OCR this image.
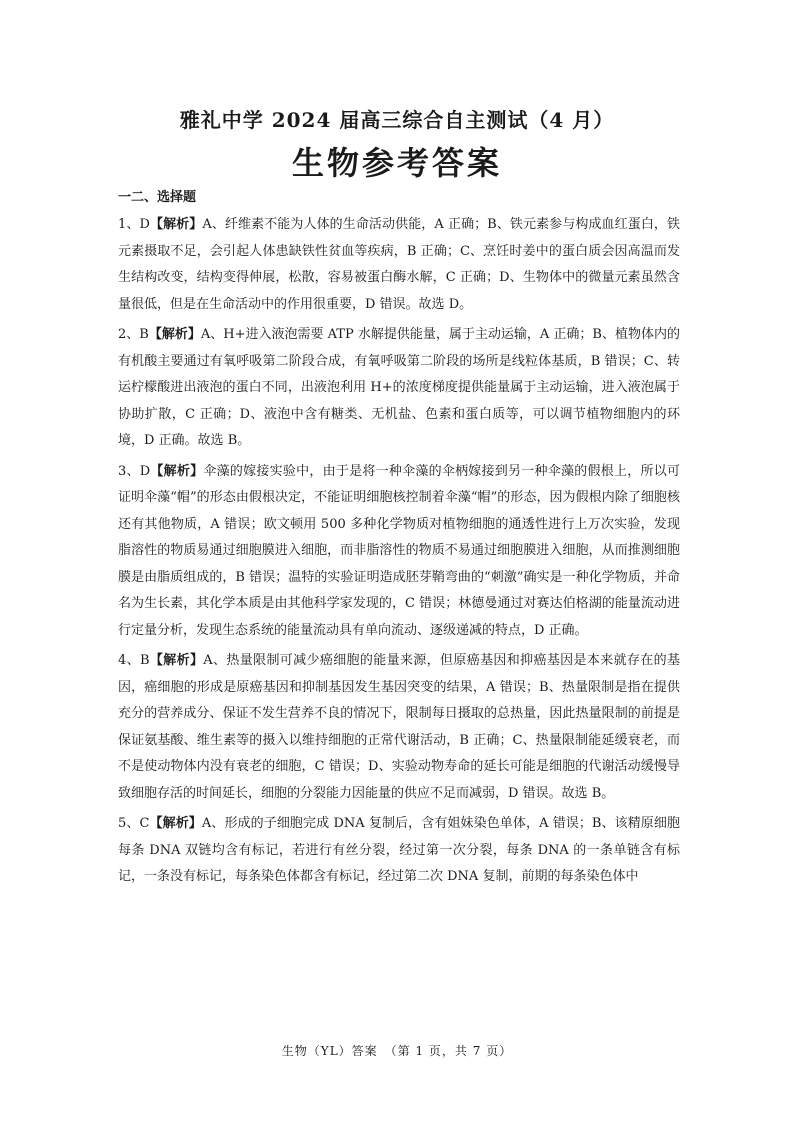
雅礼中学 2024 届高三综合自主测试（4 月）
生物参考答案
一二、选择题

1、D【解析】A、纤维素不能为人体的生命活动供能，A 正确；B、铁元素参与构成血红蛋白，铁元素摄取不足，会引起人体患缺铁性贫血等疾病，B 正确；C、烹饪时姜中的蛋白质会因高温而发生结构改变，结构变得伸展，松散，容易被蛋白酶水解，C 正确；D、生物体中的微量元素虽然含量很低，但是在生命活动中的作用很重要，D 错误。故选 D。

2、B【解析】A、H+进入液泡需要 ATP 水解提供能量，属于主动运输，A 正确；B、植物体内的有机酸主要通过有氧呼吸第二阶段合成，有氧呼吸第二阶段的场所是线粒体基质，B 错误；C、转运柠檬酸进出液泡的蛋白不同，出液泡利用 H+的浓度梯度提供能量属于主动运输，进入液泡属于协助扩散，C 正确；D、液泡中含有糖类、无机盐、色素和蛋白质等，可以调节植物细胞内的环境，D 正确。故选 B。

3、D【解析】伞藻的嫁接实验中，由于是将一种伞藻的伞柄嫁接到另一种伞藻的假根上，所以可证明伞藻“帽”的形态由假根决定，不能证明细胞核控制着伞藻“帽”的形态，因为假根内除了细胞核还有其他物质，A 错误；欧文顿用 500 多种化学物质对植物细胞的通透性进行上万次实验，发现脂溶性的物质易通过细胞膜进入细胞，而非脂溶性的物质不易通过细胞膜进入细胞，从而推测细胞膜是由脂质组成的，B 错误；温特的实验证明造成胚芽鞘弯曲的“刺激”确实是一种化学物质，并命名为生长素，其化学本质是由其他科学家发现的，C 错误；林德曼通过对赛达伯格湖的能量流动进行定量分析，发现生态系统的能量流动具有单向流动、逐级递减的特点，D 正确。

4、B【解析】A、热量限制可减少癌细胞的能量来源，但原癌基因和抑癌基因是本来就存在的基因，癌细胞的形成是原癌基因和抑制基因发生基因突变的结果，A 错误；B、热量限制是指在提供充分的营养成分、保证不发生营养不良的情况下，限制每日摄取的总热量，因此热量限制的前提是保证氨基酸、维生素等的摄入以维持细胞的正常代谢活动，B 正确；C、热量限制能延缓衰老，而不是使动物体内没有衰老的细胞，C 错误；D、实验动物寿命的延长可能是细胞的代谢活动缓慢导致细胞存活的时间延长，细胞的分裂能力因能量的供应不足而减弱，D 错误。故选 B。

5、C【解析】A、形成的子细胞完成 DNA 复制后，含有姐妹染色单体，A 错误；B、该精原细胞每条 DNA 双链均含有标记，若进行有丝分裂，经过第一次分裂，每条 DNA 的一条单链含有标记，一条没有标记，每条染色体都含有标记，经过第二次 DNA 复制，前期的每条染色体中

生物（YL）答案　（第 1 页，共 7 页）
